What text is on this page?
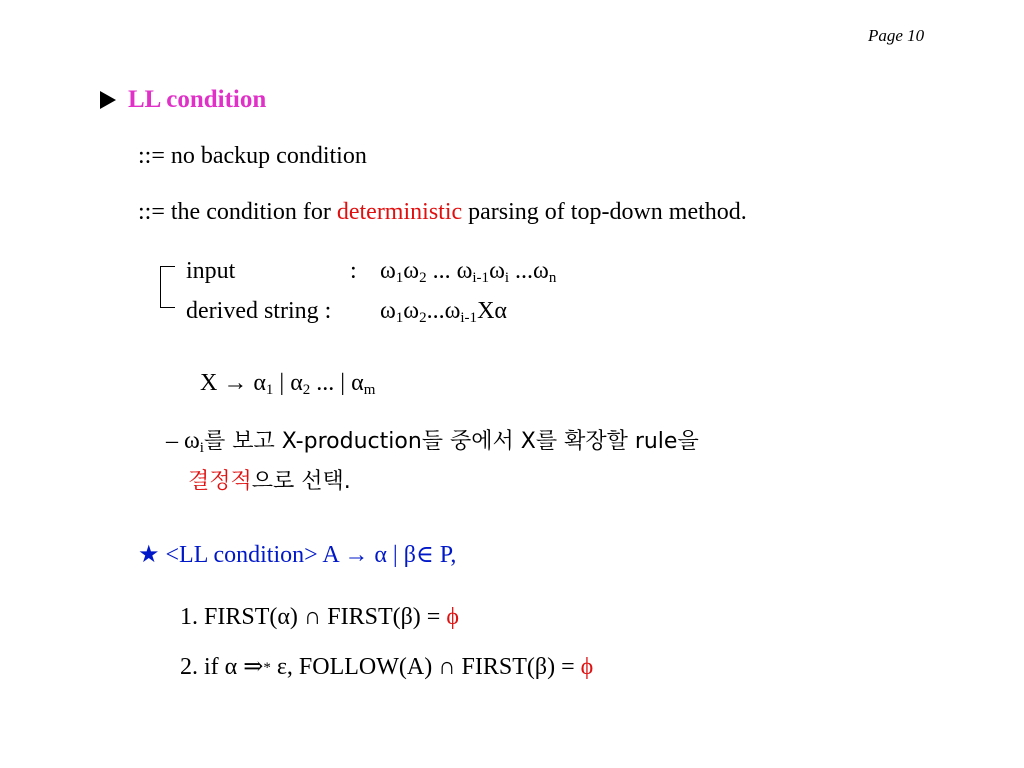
Page 10
LL condition
::= no backup condition
::= the condition for deterministic parsing of top-down method.
input	: $\omega_1\omega_2$ ... $\omega_{i-1}\omega_i$ $...\omega_n$
derived string : $\omega_1\omega_2...\omega_{i-1}X\alpha$
$X \to \alpha_1$ | $\alpha_2$ ... | $\alpha_m$
– $\omega_i$를 보고 X-production들 중에서 X를 확장할 rule을
결정적으로 선택.
★ <LL condition> A → α | β∈ P,
1. FIRST(α) ∩ FIRST(β) = ϕ
2. if α ⇒* ε, FOLLOW(A) ∩ FIRST(β) = ϕ
